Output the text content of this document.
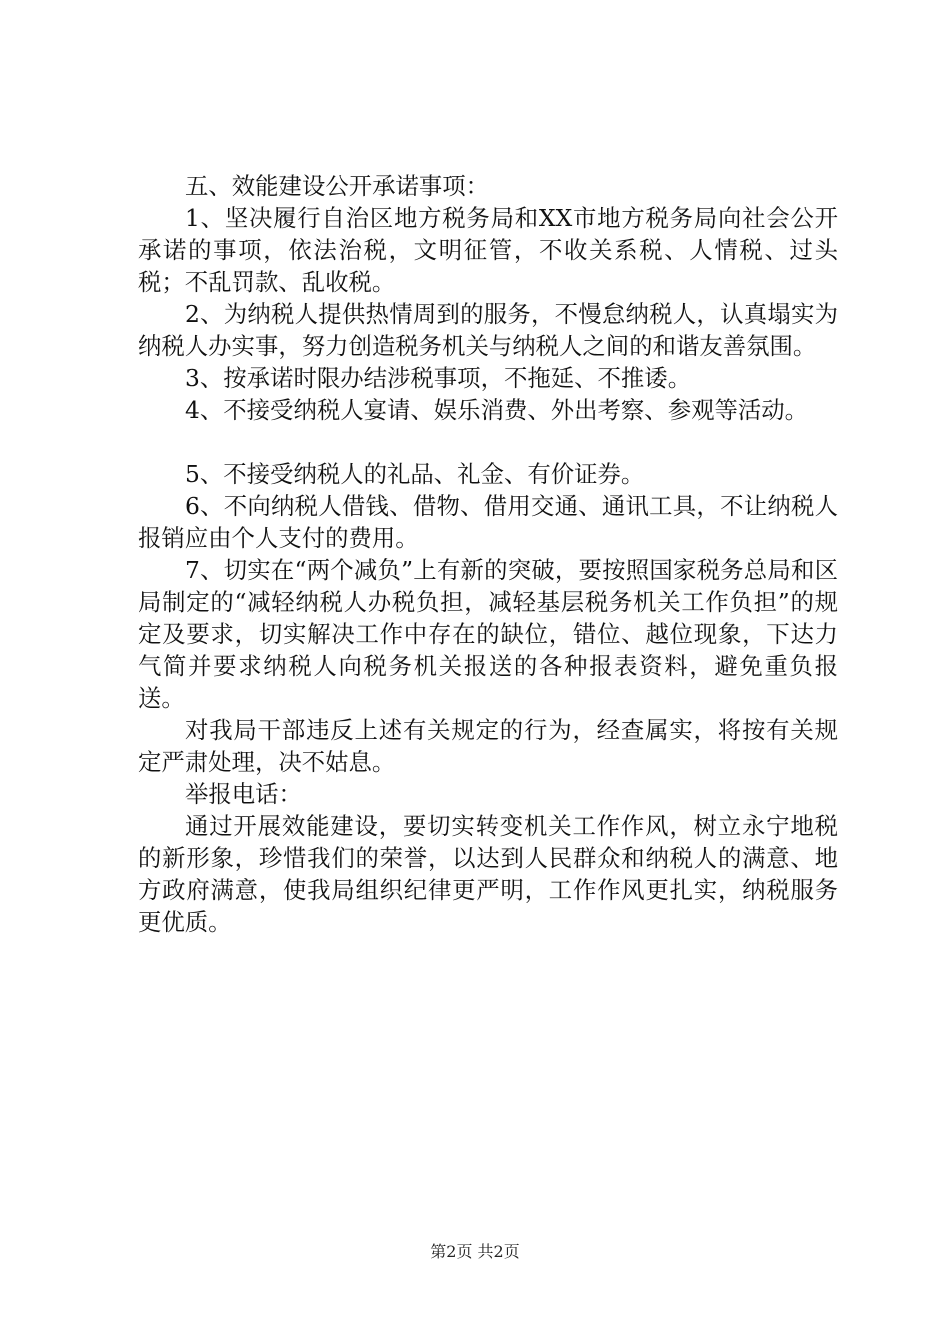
五、效能建设公开承诺事项：

1、坚决履行自治区地方税务局和XX市地方税务局向社会公开承诺的事项，依法治税，文明征管，不收关系税、人情税、过头税；不乱罚款、乱收税。

2、为纳税人提供热情周到的服务，不慢怠纳税人，认真塌实为纳税人办实事，努力创造税务机关与纳税人之间的和谐友善氛围。

3、按承诺时限办结涉税事项，不拖延、不推诿。

4、不接受纳税人宴请、娱乐消费、外出考察、参观等活动。

5、不接受纳税人的礼品、礼金、有价证券。

6、不向纳税人借钱、借物、借用交通、通讯工具，不让纳税人报销应由个人支付的费用。

7、切实在“两个减负”上有新的突破，要按照国家税务总局和区局制定的“减轻纳税人办税负担，减轻基层税务机关工作负担”的规定及要求，切实解决工作中存在的缺位，错位、越位现象，下达力气简并要求纳税人向税务机关报送的各种报表资料，避免重负报送。

对我局干部违反上述有关规定的行为，经查属实，将按有关规定严肃处理，决不姑息。

举报电话：

通过开展效能建设，要切实转变机关工作作风，树立永宁地税的新形象，珍惜我们的荣誉，以达到人民群众和纳税人的满意、地方政府满意，使我局组织纪律更严明，工作作风更扎实，纳税服务更优质。

第2页 共2页
